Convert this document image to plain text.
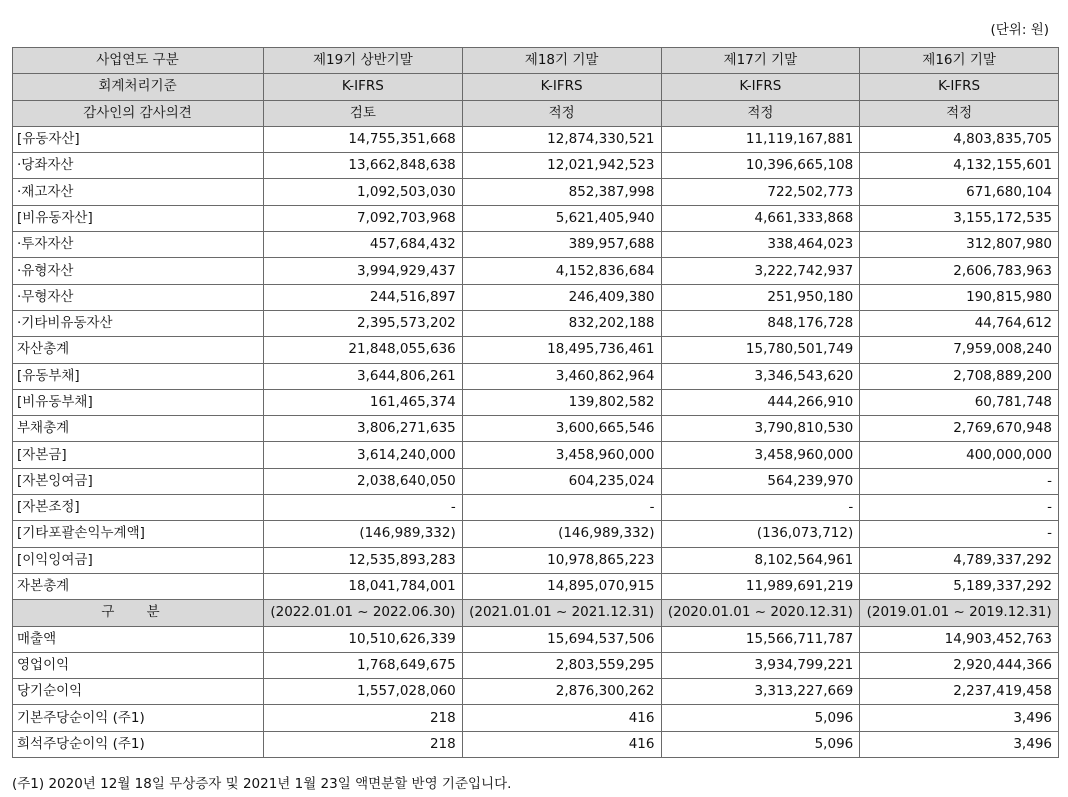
(단위: 원)
사업연도 구분	제19기 상반기말	제18기 기말	제17기 기말	제16기 기말
회계처리기준	K-IFRS	K-IFRS	K-IFRS	K-IFRS
감사인의 감사의견	검토	적정	적정	적정
[유동자산]	14,755,351,668	12,874,330,521	11,119,167,881	4,803,835,705
·당좌자산	13,662,848,638	12,021,942,523	10,396,665,108	4,132,155,601
·재고자산	1,092,503,030	852,387,998	722,502,773	671,680,104
[비유동자산]	7,092,703,968	5,621,405,940	4,661,333,868	3,155,172,535
·투자자산	457,684,432	389,957,688	338,464,023	312,807,980
·유형자산	3,994,929,437	4,152,836,684	3,222,742,937	2,606,783,963
·무형자산	244,516,897	246,409,380	251,950,180	190,815,980
·기타비유동자산	2,395,573,202	832,202,188	848,176,728	44,764,612
자산총계	21,848,055,636	18,495,736,461	15,780,501,749	7,959,008,240
[유동부채]	3,644,806,261	3,460,862,964	3,346,543,620	2,708,889,200
[비유동부채]	161,465,374	139,802,582	444,266,910	60,781,748
부채총계	3,806,271,635	3,600,665,546	3,790,810,530	2,769,670,948
[자본금]	3,614,240,000	3,458,960,000	3,458,960,000	400,000,000
[자본잉여금]	2,038,640,050	604,235,024	564,239,970	-
[자본조정]	-	-	-	-
[기타포괄손익누계액]	(146,989,332)	(146,989,332)	(136,073,712)	-
[이익잉여금]	12,535,893,283	10,978,865,223	8,102,564,961	4,789,337,292
자본총계	18,041,784,001	14,895,070,915	11,989,691,219	5,189,337,292
구 분	(2022.01.01 ~ 2022.06.30)	(2021.01.01 ~ 2021.12.31)	(2020.01.01 ~ 2020.12.31)	(2019.01.01 ~ 2019.12.31)
매출액	10,510,626,339	15,694,537,506	15,566,711,787	14,903,452,763
영업이익	1,768,649,675	2,803,559,295	3,934,799,221	2,920,444,366
당기순이익	1,557,028,060	2,876,300,262	3,313,227,669	2,237,419,458
기본주당순이익 (주1)	218	416	5,096	3,496
희석주당순이익 (주1)	218	416	5,096	3,496
(주1) 2020년 12월 18일 무상증자 및 2021년 1월 23일 액면분할 반영 기준입니다.
